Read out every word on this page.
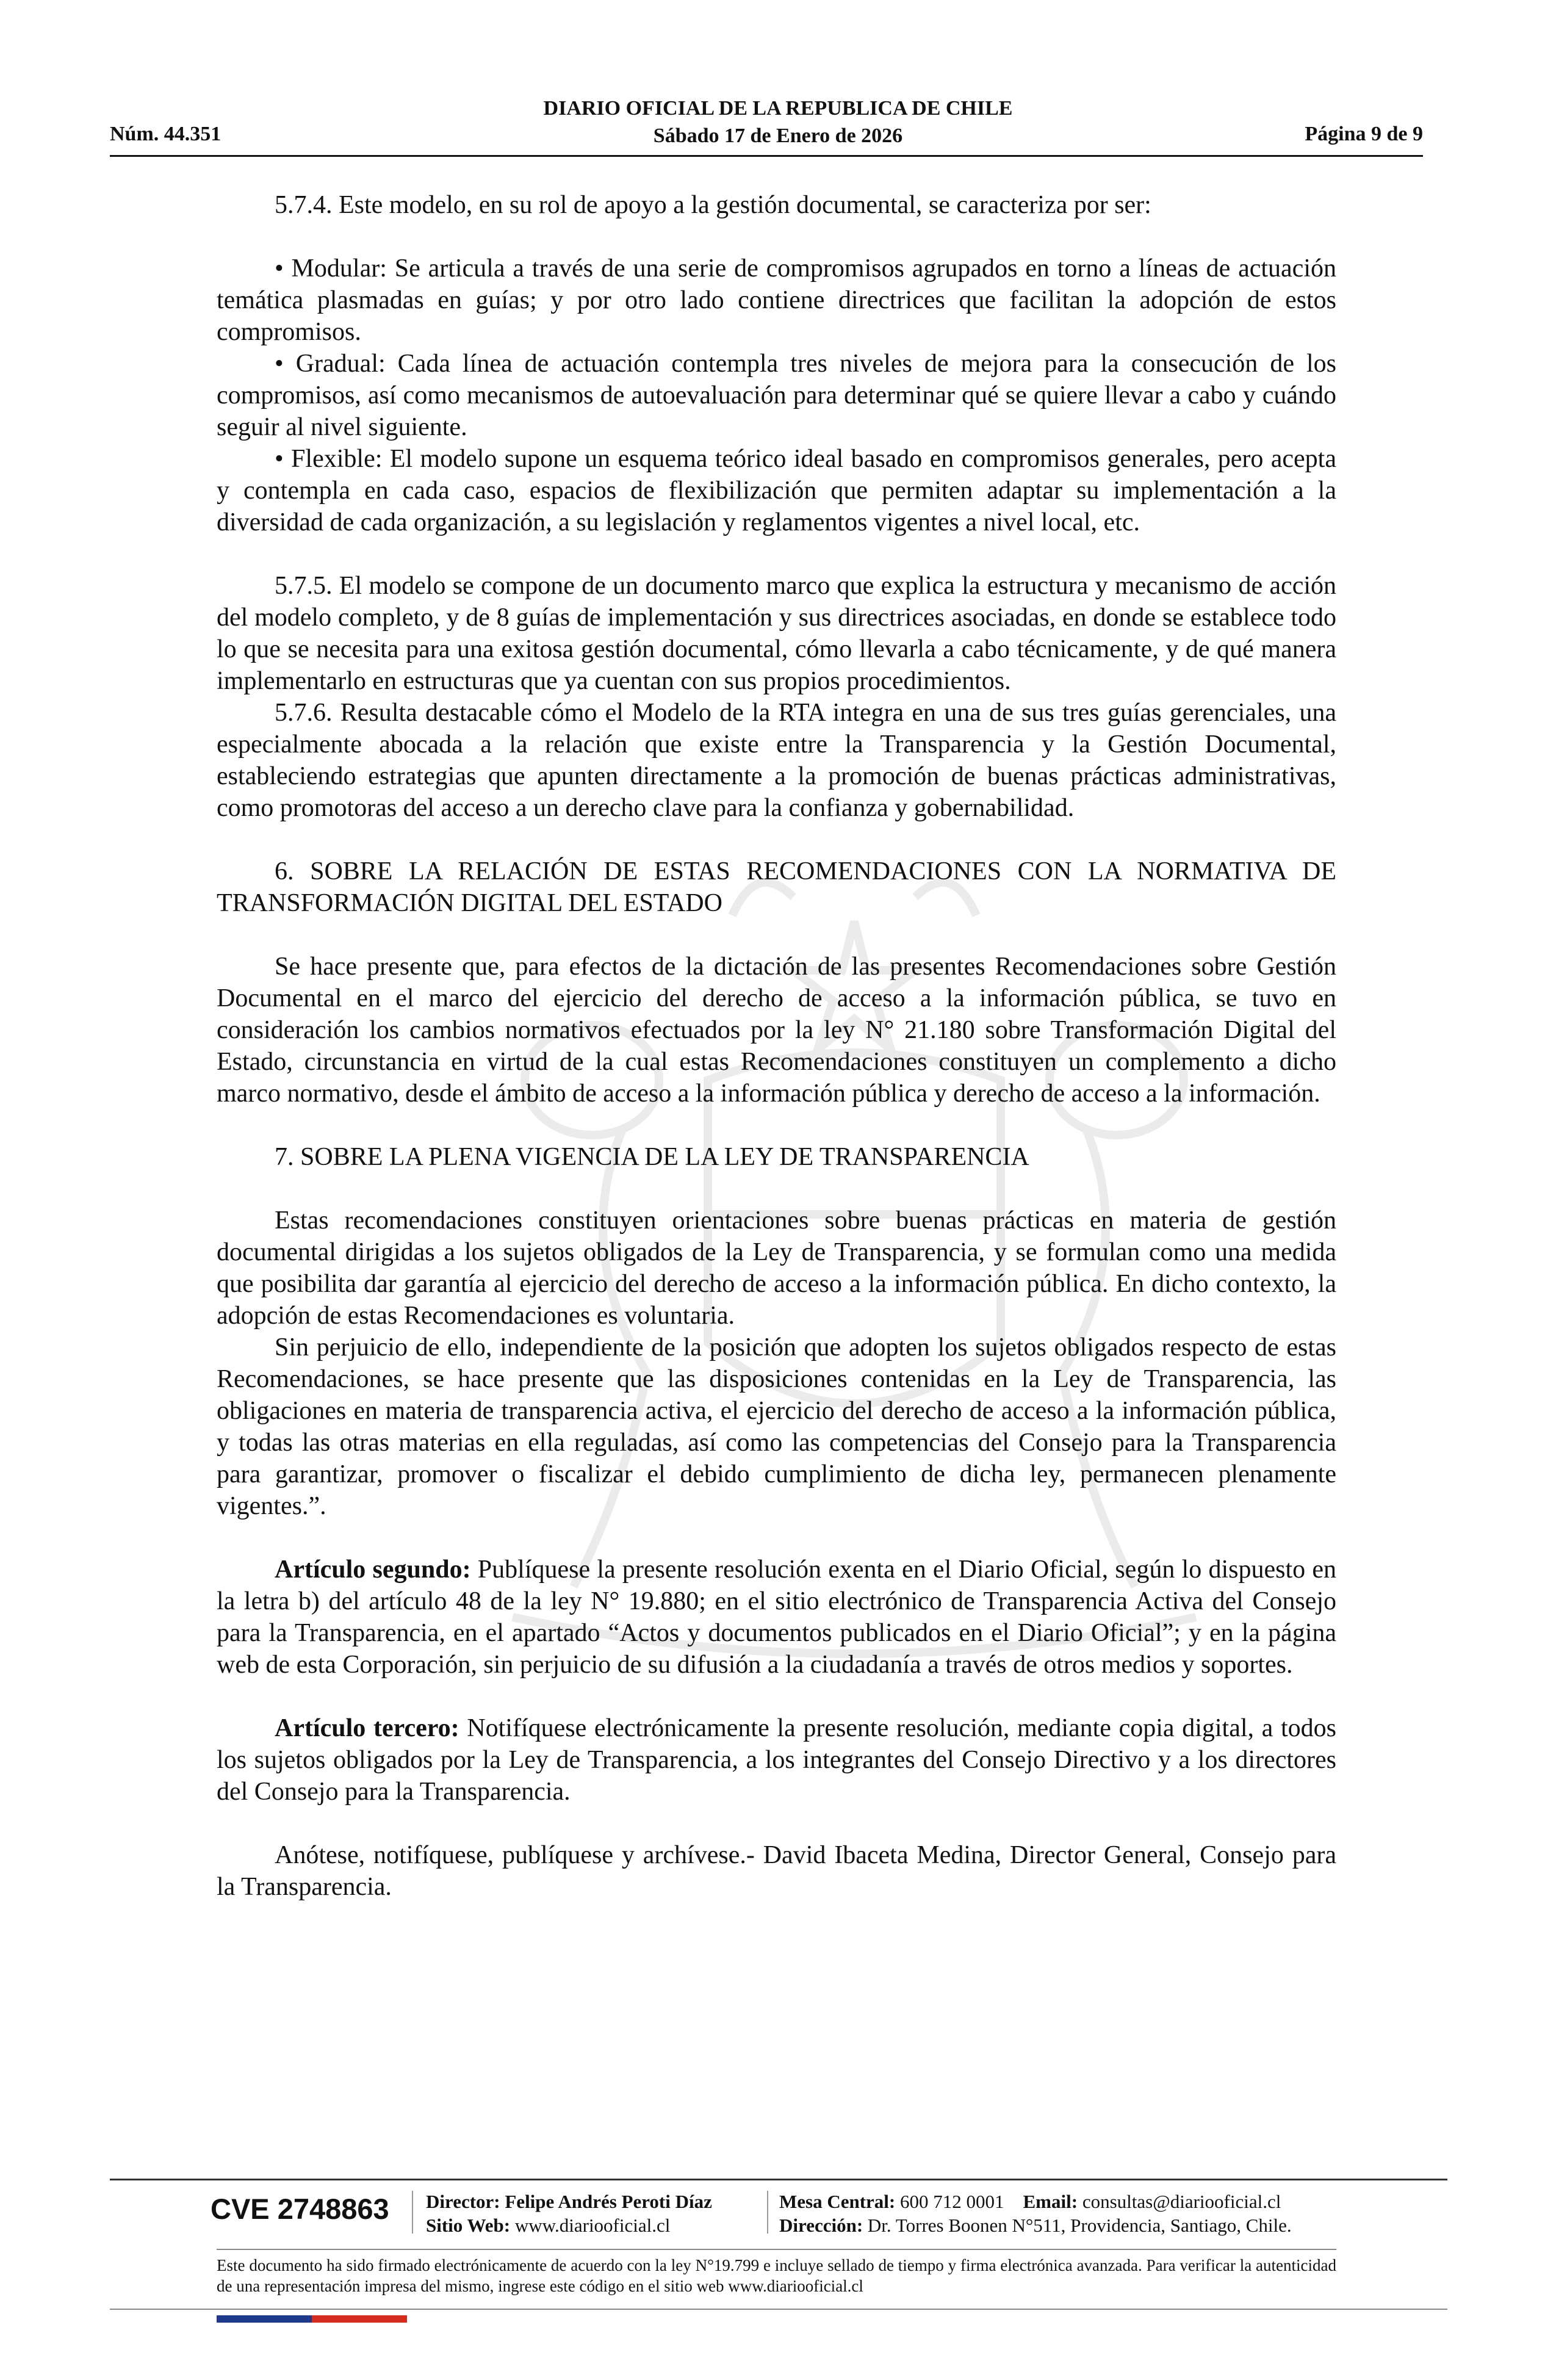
Núm. 44.351
DIARIO OFICIAL DE LA REPUBLICA DE CHILE
Sábado 17 de Enero de 2026	Página 9 de 9

5.7.4. Este modelo, en su rol de apoyo a la gestión documental, se caracteriza por ser:

• Modular: Se articula a través de una serie de compromisos agrupados en torno a líneas de actuación temática plasmadas en guías; y por otro lado contiene directrices que facilitan la adopción de estos compromisos.

• Gradual: Cada línea de actuación contempla tres niveles de mejora para la consecución de los compromisos, así como mecanismos de autoevaluación para determinar qué se quiere llevar a cabo y cuándo seguir al nivel siguiente.

• Flexible: El modelo supone un esquema teórico ideal basado en compromisos generales, pero acepta y contempla en cada caso, espacios de flexibilización que permiten adaptar su implementación a la diversidad de cada organización, a su legislación y reglamentos vigentes a nivel local, etc.

5.7.5. El modelo se compone de un documento marco que explica la estructura y mecanismo de acción del modelo completo, y de 8 guías de implementación y sus directrices asociadas, en donde se establece todo lo que se necesita para una exitosa gestión documental, cómo llevarla a cabo técnicamente, y de qué manera implementarlo en estructuras que ya cuentan con sus propios procedimientos.

5.7.6. Resulta destacable cómo el Modelo de la RTA integra en una de sus tres guías gerenciales, una especialmente abocada a la relación que existe entre la Transparencia y la Gestión Documental, estableciendo estrategias que apunten directamente a la promoción de buenas prácticas administrativas, como promotoras del acceso a un derecho clave para la confianza y gobernabilidad.

6. SOBRE LA RELACIÓN DE ESTAS RECOMENDACIONES CON LA NORMATIVA DE TRANSFORMACIÓN DIGITAL DEL ESTADO

Se hace presente que, para efectos de la dictación de las presentes Recomendaciones sobre Gestión Documental en el marco del ejercicio del derecho de acceso a la información pública, se tuvo en consideración los cambios normativos efectuados por la ley N° 21.180 sobre Transformación Digital del Estado, circunstancia en virtud de la cual estas Recomendaciones constituyen un complemento a dicho marco normativo, desde el ámbito de acceso a la información pública y derecho de acceso a la información.

7. SOBRE LA PLENA VIGENCIA DE LA LEY DE TRANSPARENCIA

Estas recomendaciones constituyen orientaciones sobre buenas prácticas en materia de gestión documental dirigidas a los sujetos obligados de la Ley de Transparencia, y se formulan como una medida que posibilita dar garantía al ejercicio del derecho de acceso a la información pública. En dicho contexto, la adopción de estas Recomendaciones es voluntaria.

Sin perjuicio de ello, independiente de la posición que adopten los sujetos obligados respecto de estas Recomendaciones, se hace presente que las disposiciones contenidas en la Ley de Transparencia, las obligaciones en materia de transparencia activa, el ejercicio del derecho de acceso a la información pública, y todas las otras materias en ella reguladas, así como las competencias del Consejo para la Transparencia para garantizar, promover o fiscalizar el debido cumplimiento de dicha ley, permanecen plenamente vigentes.”.

Artículo segundo: Publíquese la presente resolución exenta en el Diario Oficial, según lo dispuesto en la letra b) del artículo 48 de la ley N° 19.880; en el sitio electrónico de Transparencia Activa del Consejo para la Transparencia, en el apartado “Actos y documentos publicados en el Diario Oficial”; y en la página web de esta Corporación, sin perjuicio de su difusión a la ciudadanía a través de otros medios y soportes.

Artículo tercero: Notifíquese electrónicamente la presente resolución, mediante copia digital, a todos los sujetos obligados por la Ley de Transparencia, a los integrantes del Consejo Directivo y a los directores del Consejo para la Transparencia.

Anótese, notifíquese, publíquese y archívese.- David Ibaceta Medina, Director General, Consejo para la Transparencia.

CVE 2748863 Director: Felipe Andrés Peroti Díaz
Sitio Web: www.diariooficial.cl
Mesa Central: 600 712 0001 Email: consultas@diariooficial.cl
Dirección: Dr. Torres Boonen N°511, Providencia, Santiago, Chile.
Este documento ha sido firmado electrónicamente de acuerdo con la ley N°19.799 e incluye sellado de tiempo y firma electrónica avanzada. Para verificar la autenticidad de una representación impresa del mismo, ingrese este código en el sitio web www.diariooficial.cl
